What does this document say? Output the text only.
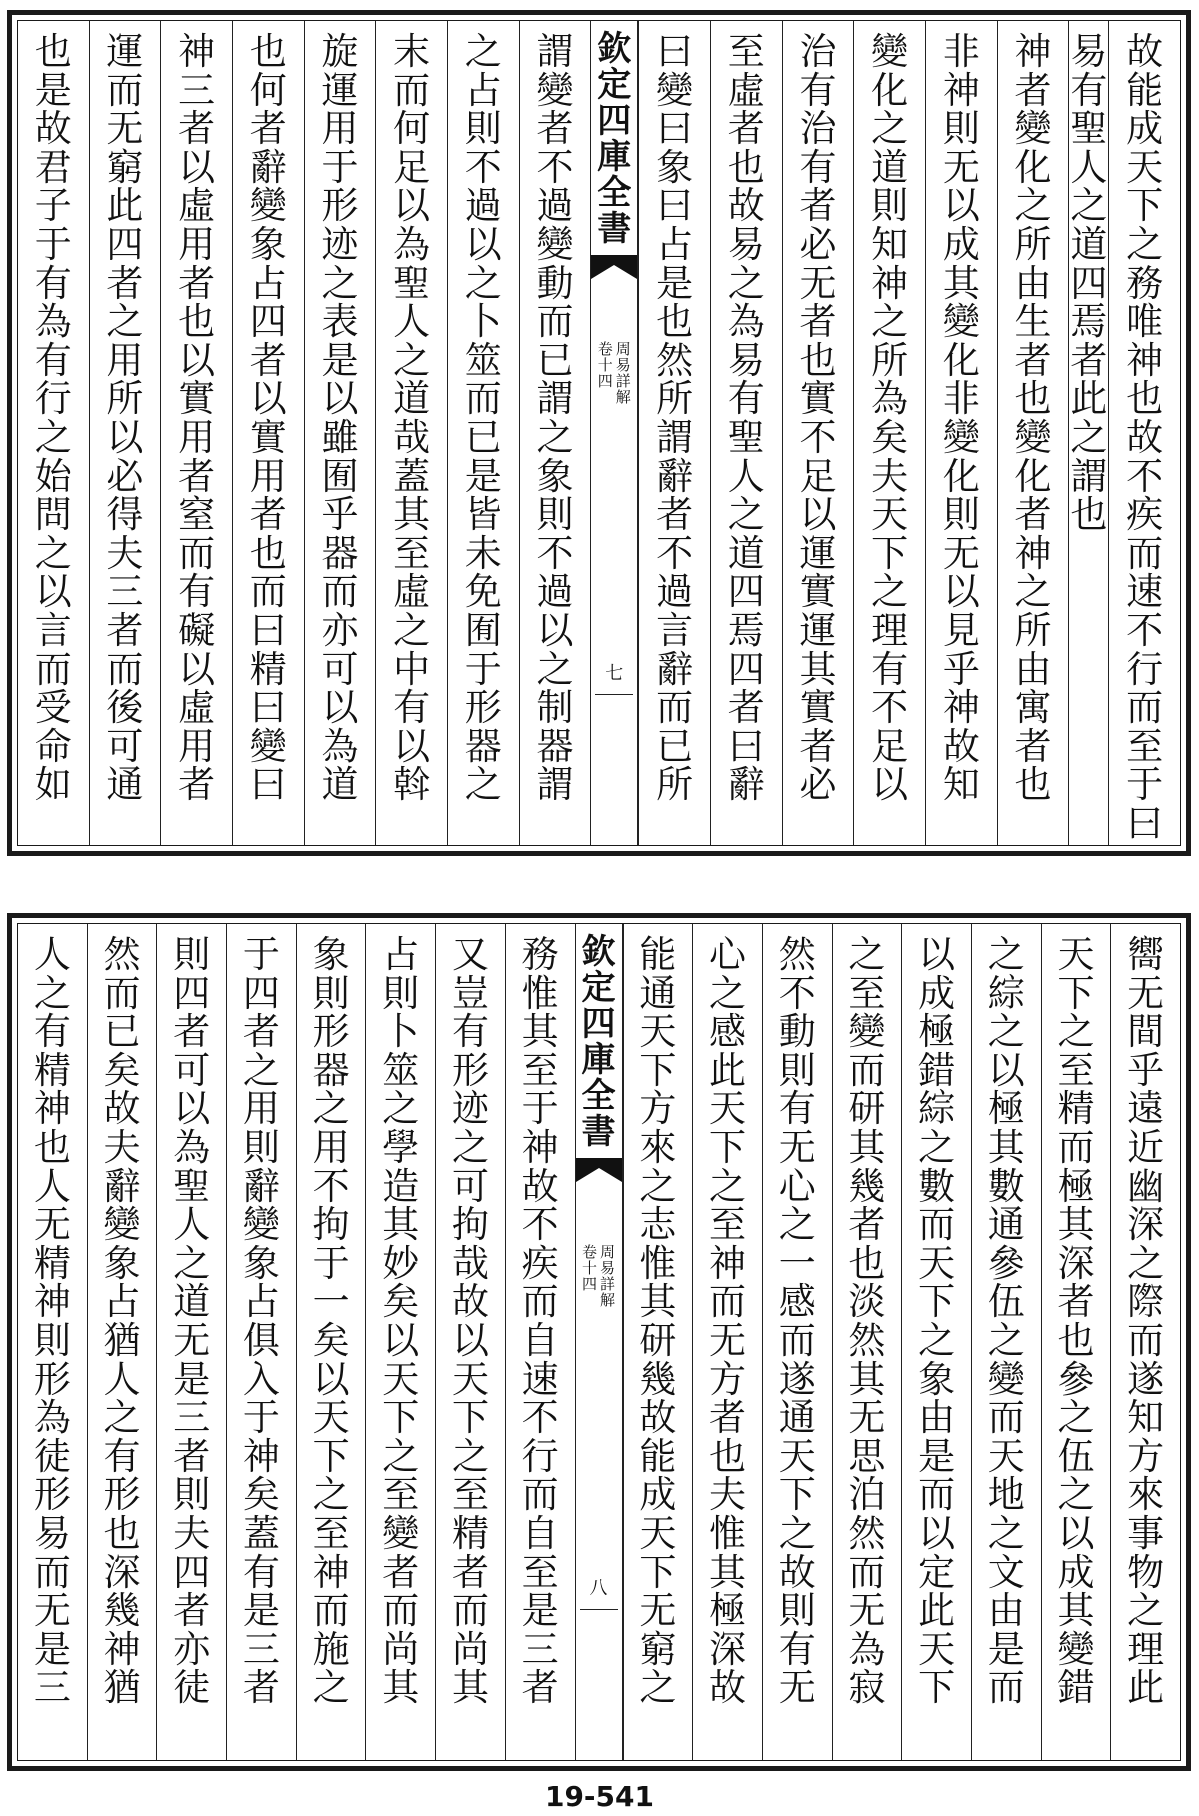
故
能
成
天
下
之
務
唯
神
也
故
不
疾
而
速
不
行
而
至
于
曰
易
有
聖
人
之
道
四
焉
者
此
之
謂
也
神
者
變
化
之
所
由
生
者
也
變
化
者
神
之
所
由
寓
者
也
非
神
則
无
以
成
其
變
化
非
變
化
則
无
以
見
乎
神
故
知
變
化
之
道
則
知
神
之
所
為
矣
夫
天
下
之
理
有
不
足
以
治
有
治
有
者
必
无
者
也
實
不
足
以
運
實
運
其
實
者
必
至
虛
者
也
故
易
之
為
易
有
聖
人
之
道
四
焉
四
者
曰
辭
曰
變
曰
象
曰
占
是
也
然
所
謂
辭
者
不
過
言
辭
而
已
所
欽
定
四
庫
全
書
周
易
詳
解
卷
十
四
七
謂
變
者
不
過
變
動
而
已
謂
之
象
則
不
過
以
之
制
器
謂
之
占
則
不
過
以
之
卜
筮
而
已
是
皆
未
免
囿
于
形
器
之
末
而
何
足
以
為
聖
人
之
道
哉
蓋
其
至
虛
之
中
有
以
斡
旋
運
用
于
形
迹
之
表
是
以
雖
囿
乎
器
而
亦
可
以
為
道
也
何
者
辭
變
象
占
四
者
以
實
用
者
也
而
曰
精
曰
變
曰
神
三
者
以
虛
用
者
也
以
實
用
者
窒
而
有
礙
以
虛
用
者
運
而
无
窮
此
四
者
之
用
所
以
必
得
夫
三
者
而
後
可
通
也
是
故
君
子
于
有
為
有
行
之
始
問
之
以
言
而
受
命
如
嚮
无
間
乎
遠
近
幽
深
之
際
而
遂
知
方
來
事
物
之
理
此
天
下
之
至
精
而
極
其
深
者
也
參
之
伍
之
以
成
其
變
錯
之
綜
之
以
極
其
數
通
參
伍
之
變
而
天
地
之
文
由
是
而
以
成
極
錯
綜
之
數
而
天
下
之
象
由
是
而
以
定
此
天
下
之
至
變
而
研
其
幾
者
也
淡
然
其
无
思
泊
然
而
无
為
寂
然
不
動
則
有
无
心
之
一
感
而
遂
通
天
下
之
故
則
有
无
心
之
感
此
天
下
之
至
神
而
无
方
者
也
夫
惟
其
極
深
故
能
通
天
下
方
來
之
志
惟
其
研
幾
故
能
成
天
下
无
窮
之
欽
定
四
庫
全
書
周
易
詳
解
卷
十
四
八
務
惟
其
至
于
神
故
不
疾
而
自
速
不
行
而
自
至
是
三
者
又
豈
有
形
迹
之
可
拘
哉
故
以
天
下
之
至
精
者
而
尚
其
占
則
卜
筮
之
學
造
其
妙
矣
以
天
下
之
至
變
者
而
尚
其
象
則
形
器
之
用
不
拘
于
一
矣
以
天
下
之
至
神
而
施
之
于
四
者
之
用
則
辭
變
象
占
俱
入
于
神
矣
蓋
有
是
三
者
則
四
者
可
以
為
聖
人
之
道
无
是
三
者
則
夫
四
者
亦
徒
然
而
已
矣
故
夫
辭
變
象
占
猶
人
之
有
形
也
深
幾
神
猶
人
之
有
精
神
也
人
无
精
神
則
形
為
徒
形
易
而
无
是
三
19-541
